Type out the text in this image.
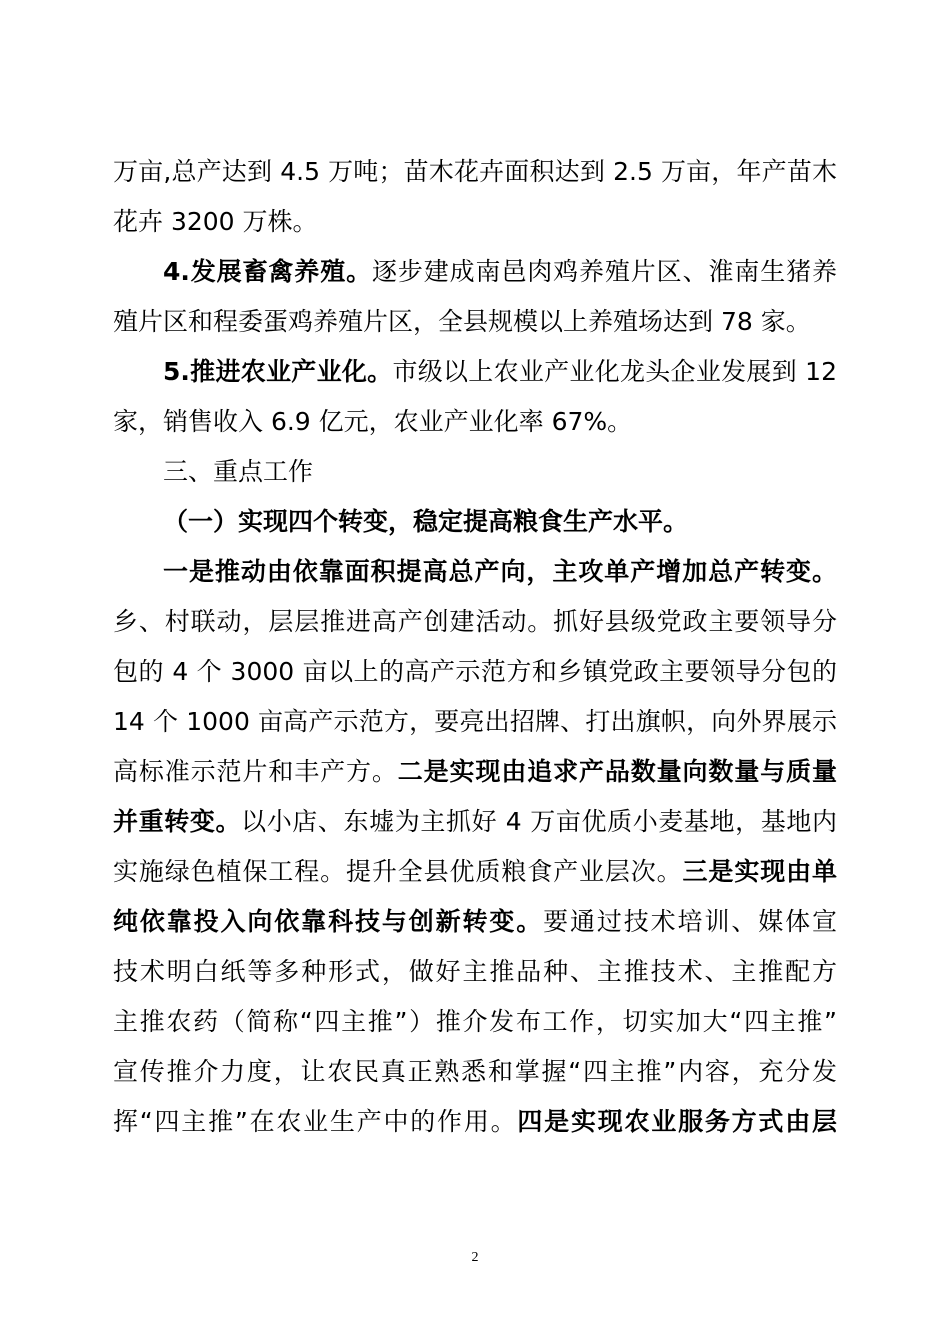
万亩,总产达到 4.5 万吨；苗木花卉面积达到 2.5 万亩，年产苗木
花卉 3200 万株。
4.发展畜禽养殖。逐步建成南邑肉鸡养殖片区、淮南生猪养
殖片区和程委蛋鸡养殖片区，全县规模以上养殖场达到 78 家。
5.推进农业产业化。市级以上农业产业化龙头企业发展到 12
家，销售收入 6.9 亿元，农业产业化率 67%。
三、重点工作
（一）实现四个转变，稳定提高粮食生产水平。
一是推动由依靠面积提高总产向，主攻单产增加总产转变。
乡、村联动，层层推进高产创建活动。抓好县级党政主要领导分
包的 4 个 3000 亩以上的高产示范方和乡镇党政主要领导分包的
14 个 1000 亩高产示范方，要亮出招牌、打出旗帜，向外界展示
高标准示范片和丰产方。二是实现由追求产品数量向数量与质量
并重转变。以小店、东墟为主抓好 4 万亩优质小麦基地，基地内
实施绿色植保工程。提升全县优质粮食产业层次。三是实现由单
纯依靠投入向依靠科技与创新转变。要通过技术培训、媒体宣
技术明白纸等多种形式，做好主推品种、主推技术、主推配方
主推农药（简称“四主推”）推介发布工作，切实加大“四主推”
宣传推介力度，让农民真正熟悉和掌握“四主推”内容，充分发
挥“四主推”在农业生产中的作用。四是实现农业服务方式由层
2
